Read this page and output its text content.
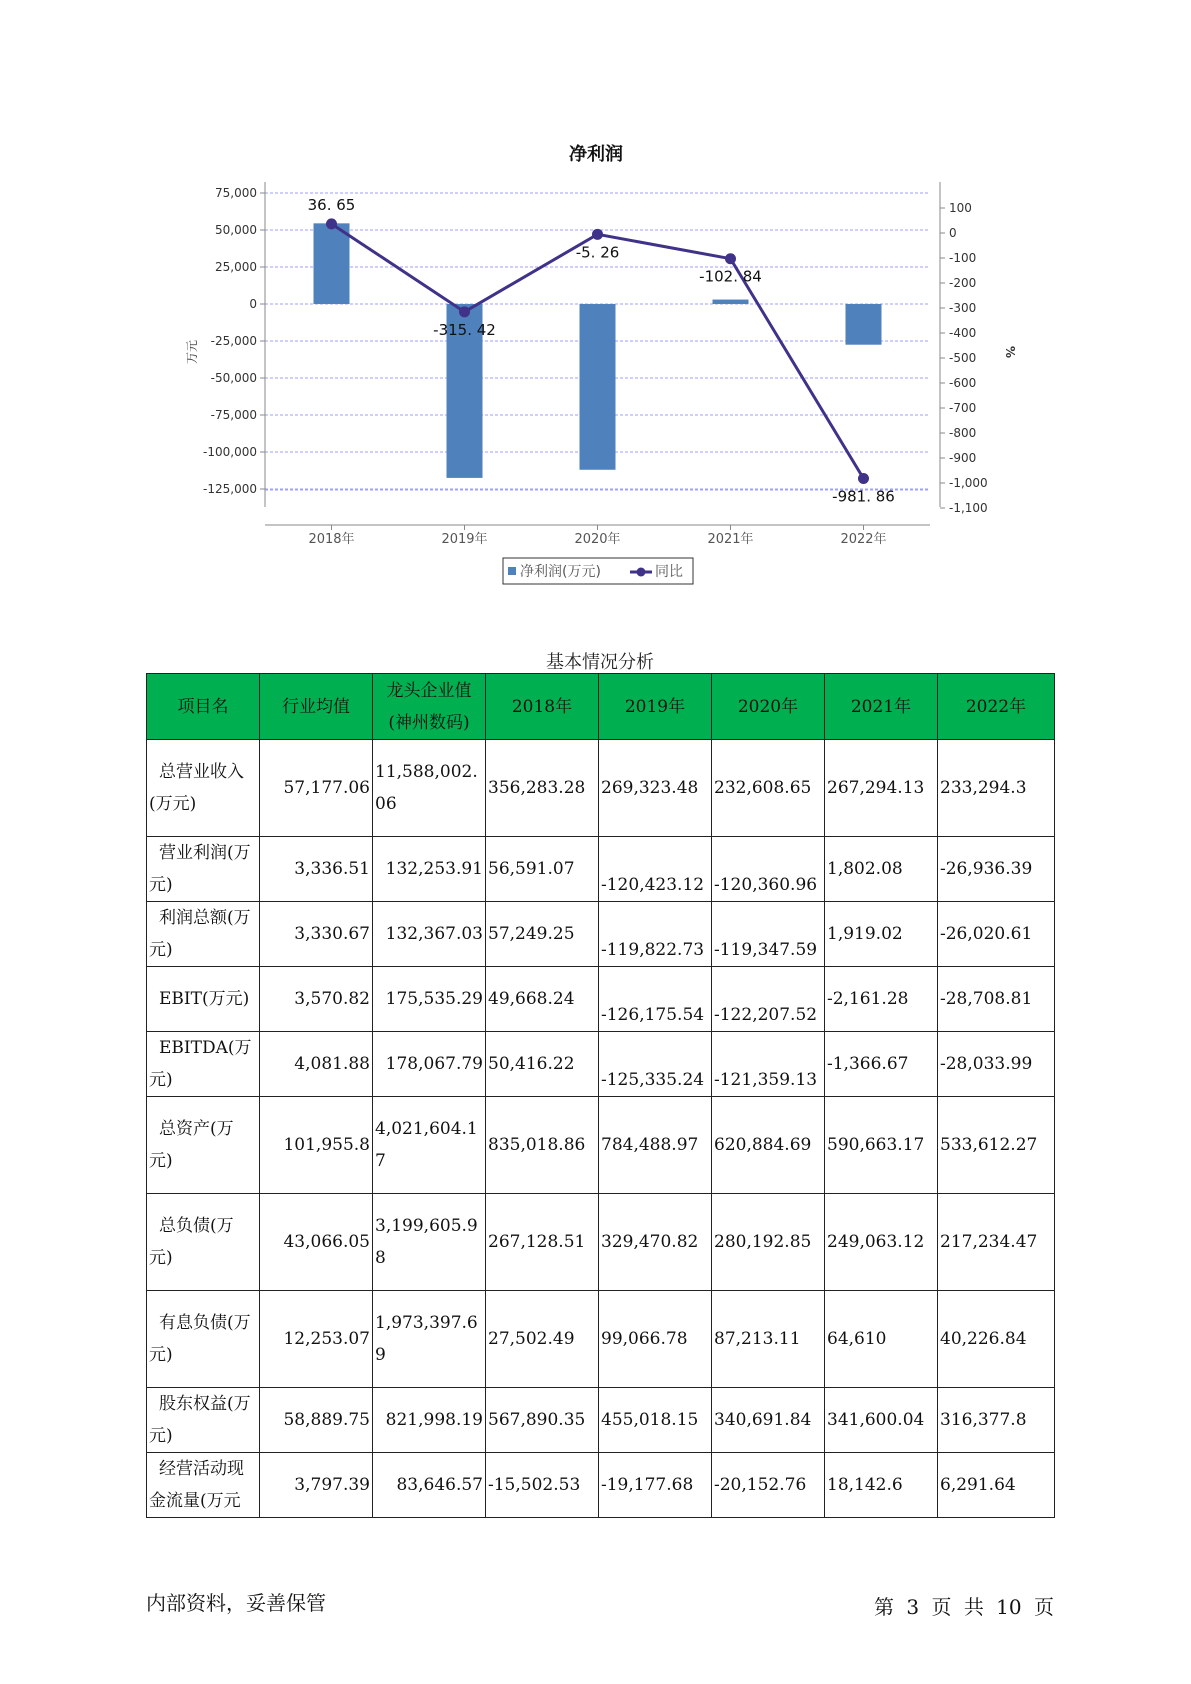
净利润
75,000
50,000
25,000
0
-25,000
-50,000
-75,000
-100,000
-125,000
100
0
-100
-200
-300
-400
-500
-600
-700
-800
-900
-1,000
-1,100
2018年	2019年	2020年	2021年	2022年
36. 65
-315. 42
-5. 26
-102. 84
-981. 86
万元	%
净利润(万元)	同比
基本情况分析
项目名	行业均值	龙头企业值(神州数码)	2018年	2019年	2020年	2021年	2022年
总营业收入(万元)	57,177.06	11,588,002.06	356,283.28	269,323.48	232,608.65	267,294.13	233,294.3
营业利润(万元)	3,336.51	132,253.91	56,591.07	-120,423.12	-120,360.96	1,802.08	-26,936.39
利润总额(万元)	3,330.67	132,367.03	57,249.25	-119,822.73	-119,347.59	1,919.02	-26,020.61
EBIT(万元)	3,570.82	175,535.29	49,668.24	-126,175.54	-122,207.52	-2,161.28	-28,708.81
EBITDA(万元)	4,081.88	178,067.79	50,416.22	-125,335.24	-121,359.13	-1,366.67	-28,033.99
总资产(万元)	101,955.8	4,021,604.17	835,018.86	784,488.97	620,884.69	590,663.17	533,612.27
总负债(万元)	43,066.05	3,199,605.98	267,128.51	329,470.82	280,192.85	249,063.12	217,234.47
有息负债(万元)	12,253.07	1,973,397.69	27,502.49	99,066.78	87,213.11	64,610	40,226.84
股东权益(万元)	58,889.75	821,998.19	567,890.35	455,018.15	340,691.84	341,600.04	316,377.8
经营活动现金流量(万元	3,797.39	83,646.57	-15,502.53	-19,177.68	-20,152.76	18,142.6	6,291.64
内部资料，妥善保管	第 3 页 共 10 页
